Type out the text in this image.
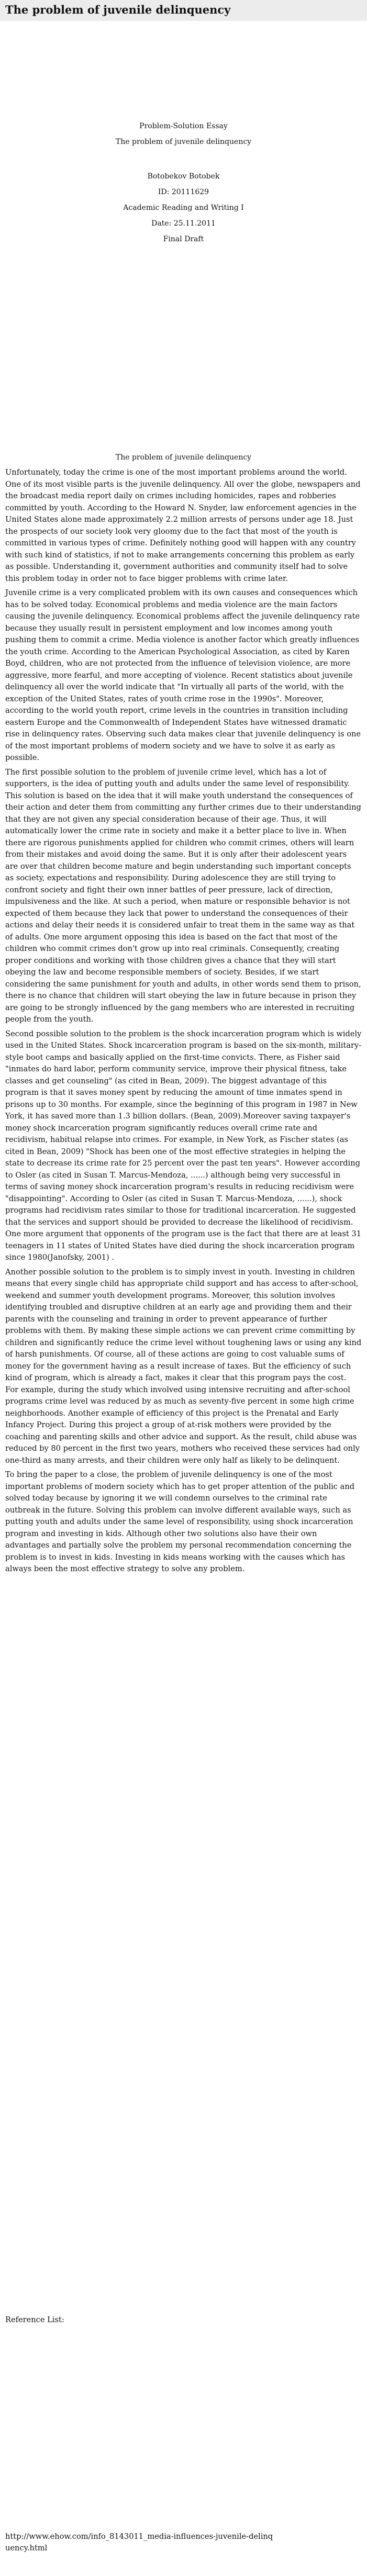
The problem of juvenile delinquency
Problem-Solution Essay
The problem of juvenile delinquency
Botobekov Botobek
ID: 20111629
Academic Reading and Writing I
Date: 25.11.2011
Final Draft
The problem of juvenile delinquency

Unfortunately, today the crime is one of the most important problems around the world. One of its most visible parts is the juvenile delinquency. All over the globe, newspapers and the broadcast media report daily on crimes including homicides, rapes and robberies committed by youth. According to the Howard N. Snyder, law enforcement agencies in the United States alone made approximately 2.2 million arrests of persons under age 18. Just the prospects of our society look very gloomy due to the fact that most of the youth is committed in various types of crime. Definitely nothing good will happen with any country with such kind of statistics, if not to make arrangements concerning this problem as early as possible. Understanding it, government authorities and community itself had to solve this problem today in order not to face bigger problems with crime later.

Juvenile crime is a very complicated problem with its own causes and consequences which has to be solved today. Economical problems and media violence are the main factors causing the juvenile delinquency. Economical problems affect the juvenile delinquency rate because they usually result in persistent employment and low incomes among youth pushing them to commit a crime. Media violence is another factor which greatly influences the youth crime. According to the American Psychological Association, as cited by Karen Boyd, children, who are not protected from the influence of television violence, are more aggressive, more fearful, and more accepting of violence. Recent statistics about juvenile delinquency all over the world indicate that "In virtually all parts of the world, with the exception of the United States, rates of youth crime rose in the 1990s". Moreover, according to the world youth report, crime levels in the countries in transition including eastern Europe and the Commonwealth of Independent States have witnessed dramatic rise in delinquency rates. Observing such data makes clear that juvenile delinquency is one of the most important problems of modern society and we have to solve it as early as possible.

The first possible solution to the problem of juvenile crime level, which has a lot of supporters, is the idea of putting youth and adults under the same level of responsibility. This solution is based on the idea that it will make youth understand the consequences of their action and deter them from committing any further crimes due to their understanding that they are not given any special consideration because of their age. Thus, it will automatically lower the crime rate in society and make it a better place to live in. When there are rigorous punishments applied for children who commit crimes, others will learn from their mistakes and avoid doing the same. But it is only after their adolescent years are over that children become mature and begin understanding such important concepts as society, expectations and responsibility. During adolescence they are still trying to confront society and fight their own inner battles of peer pressure, lack of direction, impulsiveness and the like. At such a period, when mature or responsible behavior is not expected of them because they lack that power to understand the consequences of their actions and delay their needs it is considered unfair to treat them in the same way as that of adults. One more argument opposing this idea is based on the fact that most of the children who commit crimes don't grow up into real criminals. Consequently, creating proper conditions and working with those children gives a chance that they will start obeying the law and become responsible members of society. Besides, if we start considering the same punishment for youth and adults, in other words send them to prison, there is no chance that children will start obeying the law in future because in prison they are going to be strongly influenced by the gang members who are interested in recruiting people from the youth.

Second possible solution to the problem is the shock incarceration program which is widely used in the United States. Shock incarceration program is based on the six-month, military-style boot camps and basically applied on the first-time convicts. There, as Fisher said "inmates do hard labor, perform community service, improve their physical fitness, take classes and get counseling" (as cited in Bean, 2009). The biggest advantage of this program is that it saves money spent by reducing the amount of time inmates spend in prisons up to 30 months. For example, since the beginning of this program in 1987 in New York, it has saved more than 1.3 billion dollars. (Bean, 2009).Moreover saving taxpayer's money shock incarceration program significantly reduces overall crime rate and recidivism, habitual relapse into crimes. For example, in New York, as Fischer states (as cited in Bean, 2009) "Shock has been one of the most effective strategies in helping the state to decrease its crime rate for 25 percent over the past ten years". However according to Osler (as cited in Susan T. Marcus-Mendoza, ......) although being very successful in terms of saving money shock incarceration program's results in reducing recidivism were "disappointing". According to Osler (as cited in Susan T. Marcus-Mendoza, ......), shock programs had recidivism rates similar to those for traditional incarceration. He suggested that the services and support should be provided to decrease the likelihood of recidivism. One more argument that opponents of the program use is the fact that there are at least 31 teenagers in 11 states of United States have died during the shock incarceration program since 1980(Janofsky, 2001) .

Another possible solution to the problem is to simply invest in youth. Investing in children means that every single child has appropriate child support and has access to after-school, weekend and summer youth development programs. Moreover, this solution involves identifying troubled and disruptive children at an early age and providing them and their parents with the counseling and training in order to prevent appearance of further problems with them. By making these simple actions we can prevent crime committing by children and significantly reduce the crime level without toughening laws or using any kind of harsh punishments. Of course, all of these actions are going to cost valuable sums of money for the government having as a result increase of taxes. But the efficiency of such kind of program, which is already a fact, makes it clear that this program pays the cost. For example, during the study which involved using intensive recruiting and after-school programs crime level was reduced by as much as seventy-five percent in some high crime neighborhoods. Another example of efficiency of this project is the Prenatal and Early Infancy Project. During this project a group of at-risk mothers were provided by the coaching and parenting skills and other advice and support. As the result, child abuse was reduced by 80 percent in the first two years, mothers who received these services had only one-third as many arrests, and their children were only half as likely to be delinquent.

To bring the paper to a close, the problem of juvenile delinquency is one of the most important problems of modern society which has to get proper attention of the public and solved today because by ignoring it we will condemn ourselves to the criminal rate outbreak in the future. Solving this problem can involve different available ways, such as putting youth and adults under the same level of responsibility, using shock incarceration program and investing in kids. Although other two solutions also have their own advantages and partially solve the problem my personal recommendation concerning the problem is to invest in kids. Investing in kids means working with the causes which has always been the most effective strategy to solve any problem.

Reference List:
http://www.ehow.com/info_8143011_media-influences-juvenile-delinquency.html
